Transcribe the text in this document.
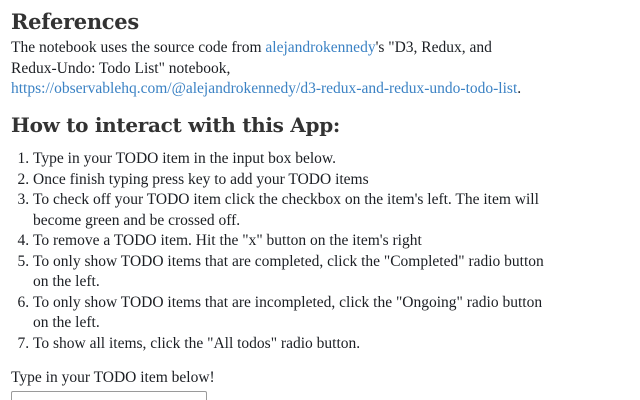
References

The notebook uses the source code from alejandrokennedy's "D3, Redux, and Redux-Undo: Todo List" notebook, https://observablehq.com/@alejandrokennedy/d3-redux-and-redux-undo-todo-list.

How to interact with this App:
1. Type in your TODO item in the input box below.
2. Once finish typing press key to add your TODO items
3. To check off your TODO item click the checkbox on the item's left. The item will become green and be crossed off.
4. To remove a TODO item. Hit the "x" button on the item's right
5. To only show TODO items that are completed, click the "Completed" radio button on the left.
6. To only show TODO items that are incompleted, click the "Ongoing" radio button on the left.
7. To show all items, click the "All todos" radio button.

Type in your TODO item below!
